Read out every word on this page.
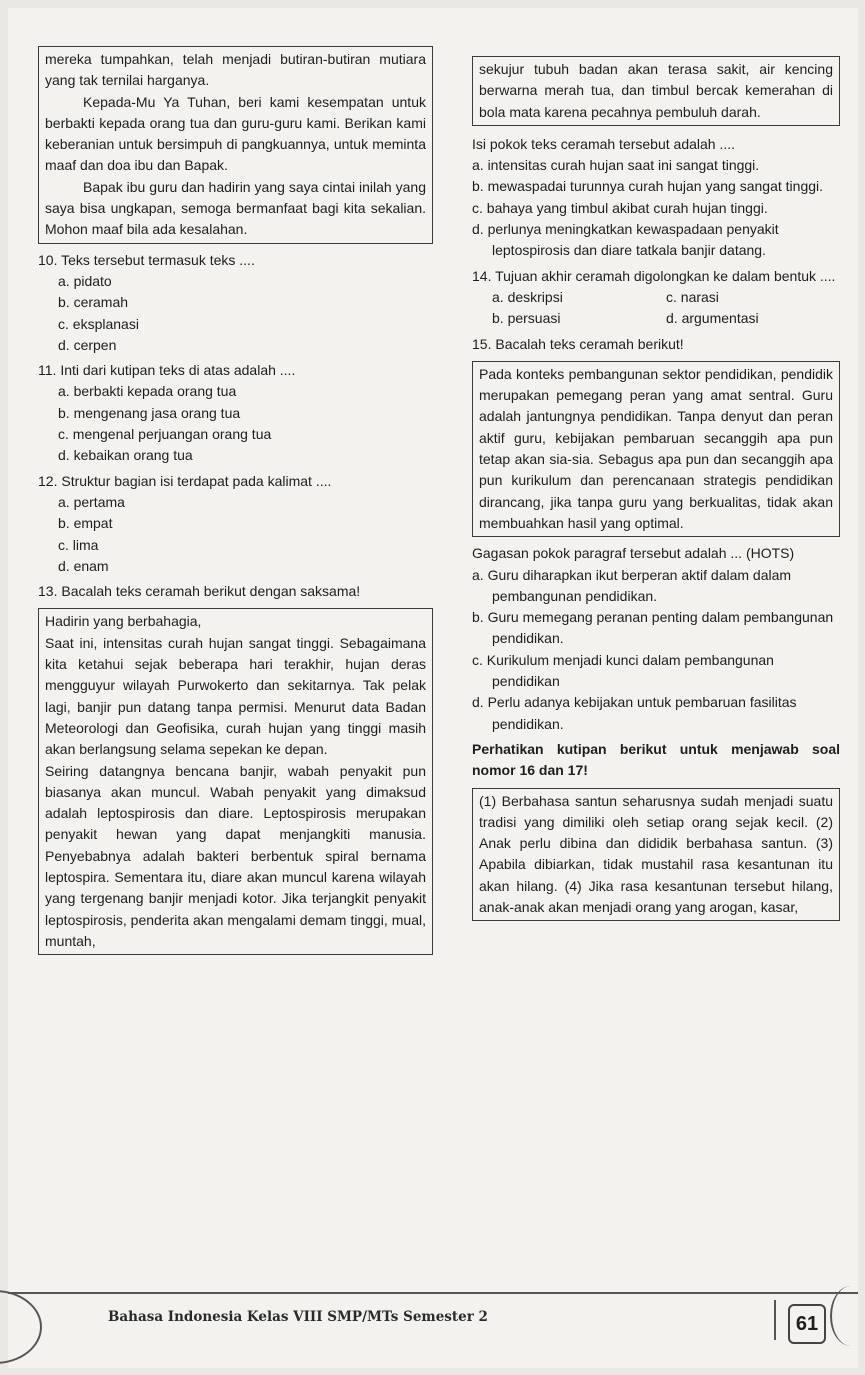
mereka tumpahkan, telah menjadi butiran-butiran mutiara yang tak ternilai harganya.

Kepada-Mu Ya Tuhan, beri kami kesempatan untuk berbakti kepada orang tua dan guru-guru kami. Berikan kami keberanian untuk bersimpuh di pangkuannya, untuk meminta maaf dan doa ibu dan Bapak.

Bapak ibu guru dan hadirin yang saya cintai inilah yang saya bisa ungkapan, semoga bermanfaat bagi kita sekalian. Mohon maaf bila ada kesalahan.

10. Teks tersebut termasuk teks ....
a. pidato
b. ceramah
c. eksplanasi
d. cerpen
11. Inti dari kutipan teks di atas adalah ....
a. berbakti kepada orang tua
b. mengenang jasa orang tua
c. mengenal perjuangan orang tua
d. kebaikan orang tua
12. Struktur bagian isi terdapat pada kalimat ....
a. pertama
b. empat
c. lima
d. enam

13. Bacalah teks ceramah berikut dengan saksama!

Hadirin yang berbahagia,

Saat ini, intensitas curah hujan sangat tinggi. Sebagaimana kita ketahui sejak beberapa hari terakhir, hujan deras mengguyur wilayah Purwokerto dan sekitarnya. Tak pelak lagi, banjir pun datang tanpa permisi. Menurut data Badan Meteorologi dan Geofisika, curah hujan yang tinggi masih akan berlangsung selama sepekan ke depan.

Seiring datangnya bencana banjir, wabah penyakit pun biasanya akan muncul. Wabah penyakit yang dimaksud adalah leptospirosis dan diare. Leptospirosis merupakan penyakit hewan yang dapat menjangkiti manusia. Penyebabnya adalah bakteri berbentuk spiral bernama leptospira. Sementara itu, diare akan muncul karena wilayah yang tergenang banjir menjadi kotor. Jika terjangkit penyakit leptospirosis, penderita akan mengalami demam tinggi, mual, muntah,

sekujur tubuh badan akan terasa sakit, air kencing berwarna merah tua, dan timbul bercak kemerahan di bola mata karena pecahnya pembuluh darah.

Isi pokok teks ceramah tersebut adalah ....
a. intensitas curah hujan saat ini sangat tinggi.
b. mewaspadai turunnya curah hujan yang sangat tinggi.
c. bahaya yang timbul akibat curah hujan tinggi.
d. perlunya meningkatkan kewaspadaan penyakit leptospirosis dan diare tatkala banjir datang.
14. Tujuan akhir ceramah digolongkan ke dalam bentuk ....
a. deskripsi	c. narasi
b. persuasi	d. argumentasi
15. Bacalah teks ceramah berikut!

Pada konteks pembangunan sektor pendidikan, pendidik merupakan pemegang peran yang amat sentral. Guru adalah jantungnya pendidikan. Tanpa denyut dan peran aktif guru, kebijakan pembaruan secanggih apa pun tetap akan sia-sia. Sebagus apa pun dan secanggih apa pun kurikulum dan perencanaan strategis pendidikan dirancang, jika tanpa guru yang berkualitas, tidak akan membuahkan hasil yang optimal.

Gagasan pokok paragraf tersebut adalah ... (HOTS)
a. Guru diharapkan ikut berperan aktif dalam dalam pembangunan pendidikan.
b. Guru memegang peranan penting dalam pembangunan pendidikan.
c. Kurikulum menjadi kunci dalam pembangunan pendidikan
d. Perlu adanya kebijakan untuk pembaruan fasilitas pendidikan.

Perhatikan kutipan berikut untuk menjawab soal nomor 16 dan 17!

(1) Berbahasa santun seharusnya sudah menjadi suatu tradisi yang dimiliki oleh setiap orang sejak kecil. (2) Anak perlu dibina dan dididik berbahasa santun. (3) Apabila dibiarkan, tidak mustahil rasa kesantunan itu akan hilang. (4) Jika rasa kesantunan tersebut hilang, anak-anak akan menjadi orang yang arogan, kasar,

Bahasa Indonesia Kelas VIII SMP/MTs Semester 2	61
